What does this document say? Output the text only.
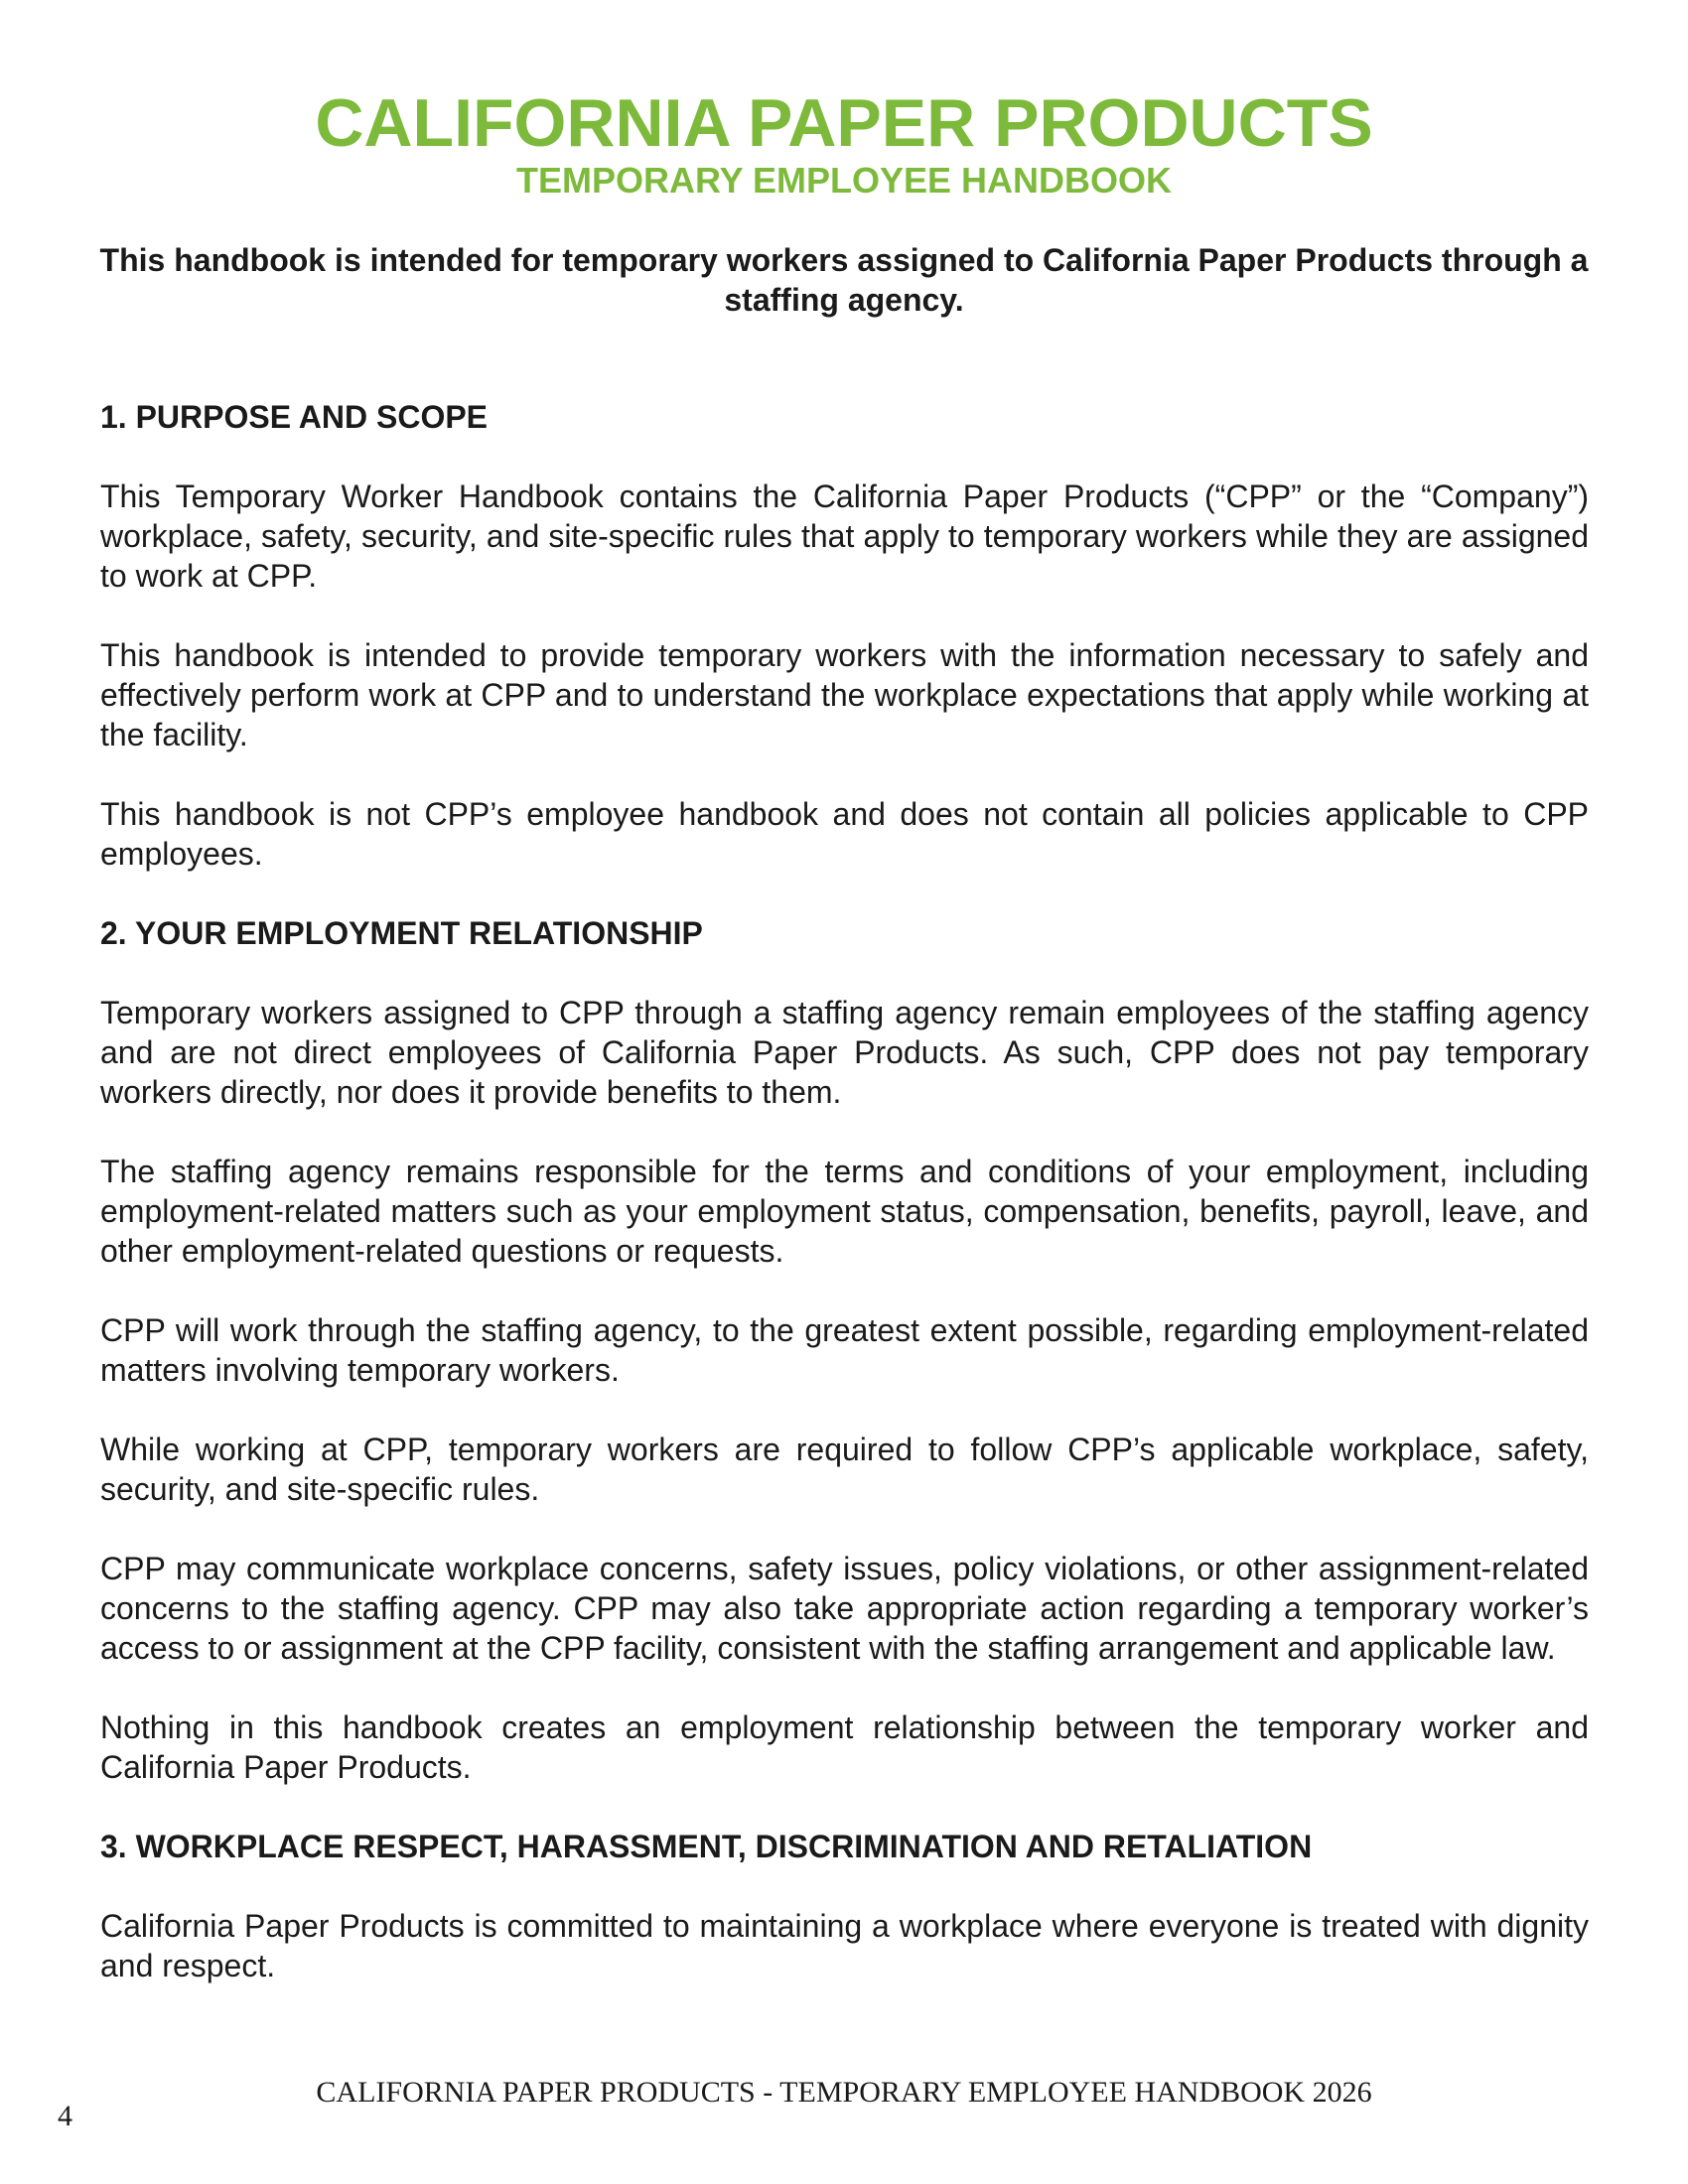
CALIFORNIA PAPER PRODUCTS
TEMPORARY EMPLOYEE HANDBOOK

This handbook is intended for temporary workers assigned to California Paper Products through a staffing agency.

1. PURPOSE AND SCOPE

This Temporary Worker Handbook contains the California Paper Products (“CPP” or the “Company”) workplace, safety, security, and site-specific rules that apply to temporary workers while they are assigned to work at CPP.

This handbook is intended to provide temporary workers with the information necessary to safely and effectively perform work at CPP and to understand the workplace expectations that apply while working at the facility.

This handbook is not CPP’s employee handbook and does not contain all policies applicable to CPP employees.

2. YOUR EMPLOYMENT RELATIONSHIP

Temporary workers assigned to CPP through a staffing agency remain employees of the staffing agency and are not direct employees of California Paper Products. As such, CPP does not pay temporary workers directly, nor does it provide benefits to them.

The staffing agency remains responsible for the terms and conditions of your employment, including employment-related matters such as your employment status, compensation, benefits, payroll, leave, and other employment-related questions or requests.

CPP will work through the staffing agency, to the greatest extent possible, regarding employment-related matters involving temporary workers.

While working at CPP, temporary workers are required to follow CPP’s applicable workplace, safety, security, and site-specific rules.

CPP may communicate workplace concerns, safety issues, policy violations, or other assignment-related concerns to the staffing agency. CPP may also take appropriate action regarding a temporary worker’s access to or assignment at the CPP facility, consistent with the staffing arrangement and applicable law.

Nothing in this handbook creates an employment relationship between the temporary worker and California Paper Products.

3. WORKPLACE RESPECT, HARASSMENT, DISCRIMINATION AND RETALIATION

California Paper Products is committed to maintaining a workplace where everyone is treated with dignity and respect.

4

CALIFORNIA PAPER PRODUCTS - TEMPORARY EMPLOYEE HANDBOOK 2026
